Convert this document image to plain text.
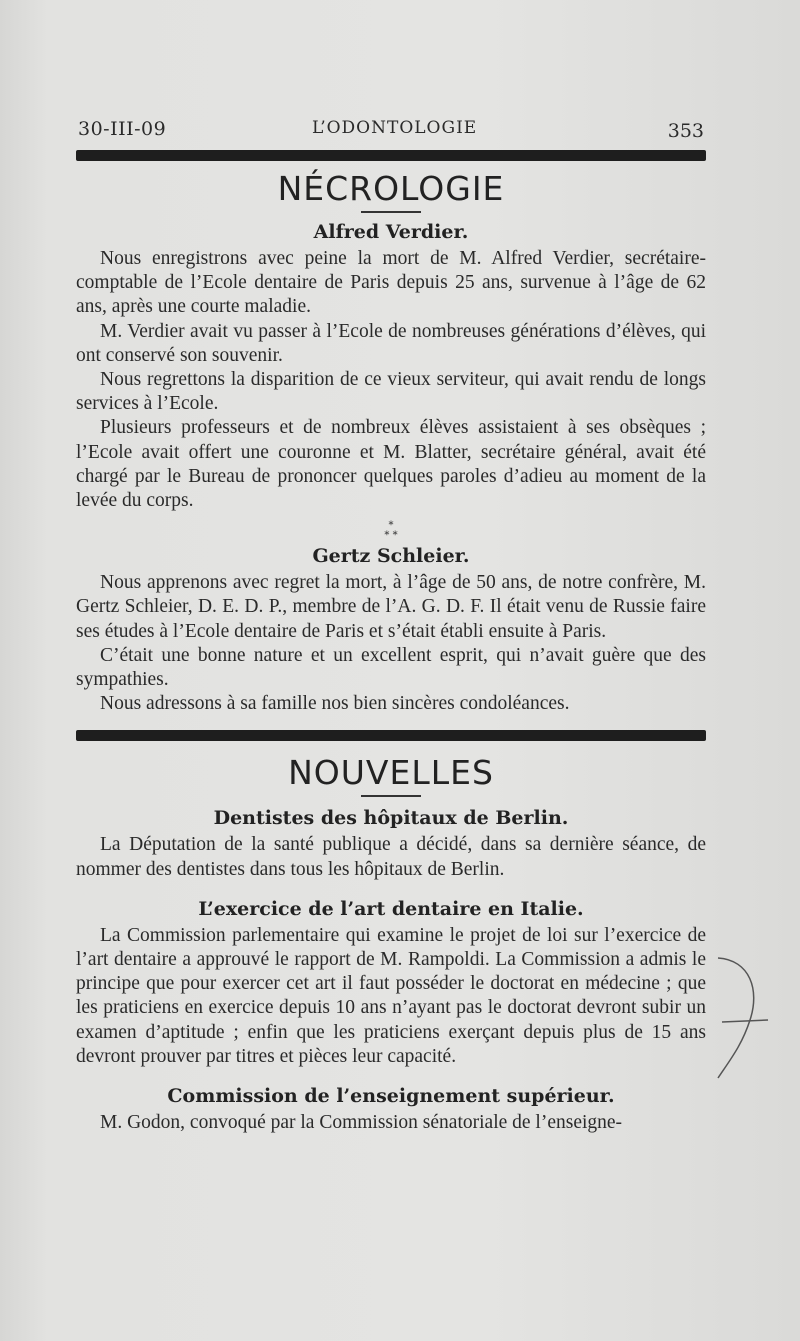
30-III-09	L’ODONTOLOGIE	353
NÉCROLOGIE
Alfred Verdier.

Nous enregistrons avec peine la mort de M. Alfred Verdier, secrétaire-comptable de l’Ecole dentaire de Paris depuis 25 ans, survenue à l’âge de 62 ans, après une courte maladie.

M. Verdier avait vu passer à l’Ecole de nombreuses générations d’élèves, qui ont conservé son souvenir.

Nous regrettons la disparition de ce vieux serviteur, qui avait rendu de longs services à l’Ecole.

Plusieurs professeurs et de nombreux élèves assistaient à ses obsèques ; l’Ecole avait offert une couronne et M. Blatter, secrétaire général, avait été chargé par le Bureau de prononcer quelques paroles d’adieu au moment de la levée du corps.

*
* *
Gertz Schleier.

Nous apprenons avec regret la mort, à l’âge de 50 ans, de notre confrère, M. Gertz Schleier, D. E. D. P., membre de l’A. G. D. F. Il était venu de Russie faire ses études à l’Ecole dentaire de Paris et s’était établi ensuite à Paris.

C’était une bonne nature et un excellent esprit, qui n’avait guère que des sympathies.

Nous adressons à sa famille nos bien sincères condoléances.

NOUVELLES
Dentistes des hôpitaux de Berlin.

La Députation de la santé publique a décidé, dans sa dernière séance, de nommer des dentistes dans tous les hôpitaux de Berlin.

L’exercice de l’art dentaire en Italie.

La Commission parlementaire qui examine le projet de loi sur l’exercice de l’art dentaire a approuvé le rapport de M. Rampoldi. La Commission a admis le principe que pour exercer cet art il faut posséder le doctorat en médecine ; que les praticiens en exercice depuis 10 ans n’ayant pas le doctorat devront subir un examen d’aptitude ; enfin que les praticiens exerçant depuis plus de 15 ans devront prouver par titres et pièces leur capacité.

Commission de l’enseignement supérieur.

M. Godon, convoqué par la Commission sénatoriale de l’enseigne-
